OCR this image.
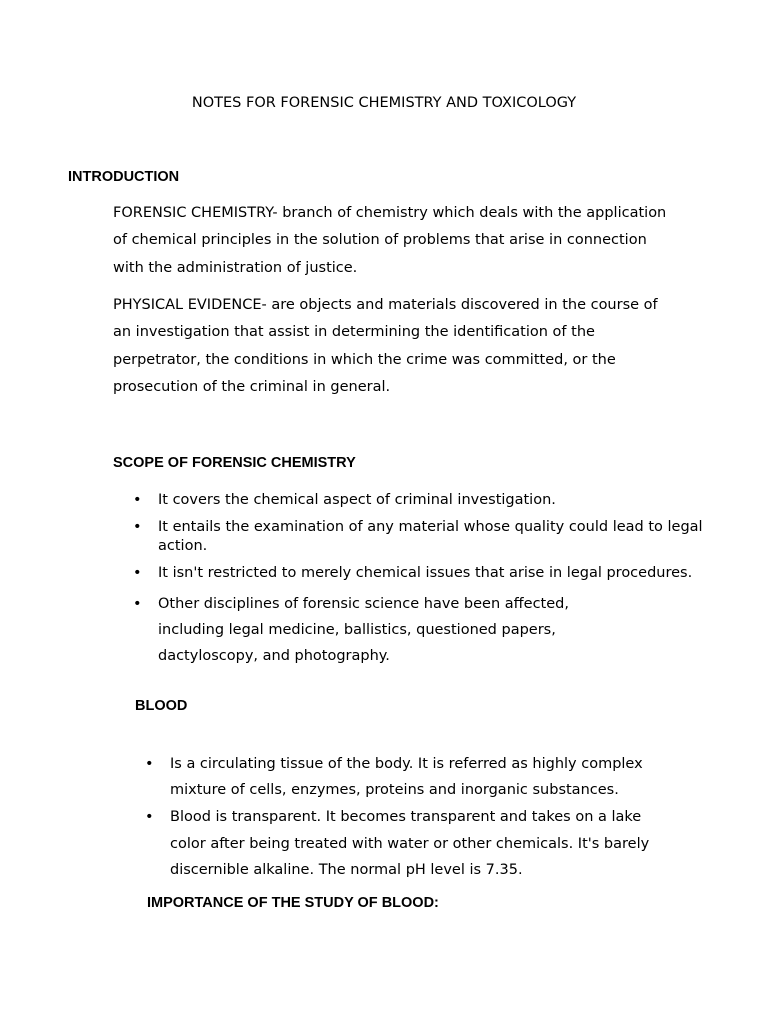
NOTES FOR FORENSIC CHEMISTRY AND TOXICOLOGY
INTRODUCTION
FORENSIC CHEMISTRY- branch of chemistry which deals with the application
of chemical principles in the solution of problems that arise in connection
with the administration of justice.
PHYSICAL EVIDENCE- are objects and materials discovered in the course of
an investigation that assist in determining the identification of the
perpetrator, the conditions in which the crime was committed, or the
prosecution of the criminal in general.
SCOPE OF FORENSIC CHEMISTRY
• It covers the chemical aspect of criminal investigation.
• It entails the examination of any material whose quality could lead to legal
action.
• It isn't restricted to merely chemical issues that arise in legal procedures.
• Other disciplines of forensic science have been affected,
including legal medicine, ballistics, questioned papers,
dactyloscopy, and photography.
BLOOD
• Is a circulating tissue of the body. It is referred as highly complex
mixture of cells, enzymes, proteins and inorganic substances.
• Blood is transparent. It becomes transparent and takes on a lake
color after being treated with water or other chemicals. It's barely
discernible alkaline. The normal pH level is 7.35.
IMPORTANCE OF THE STUDY OF BLOOD:
